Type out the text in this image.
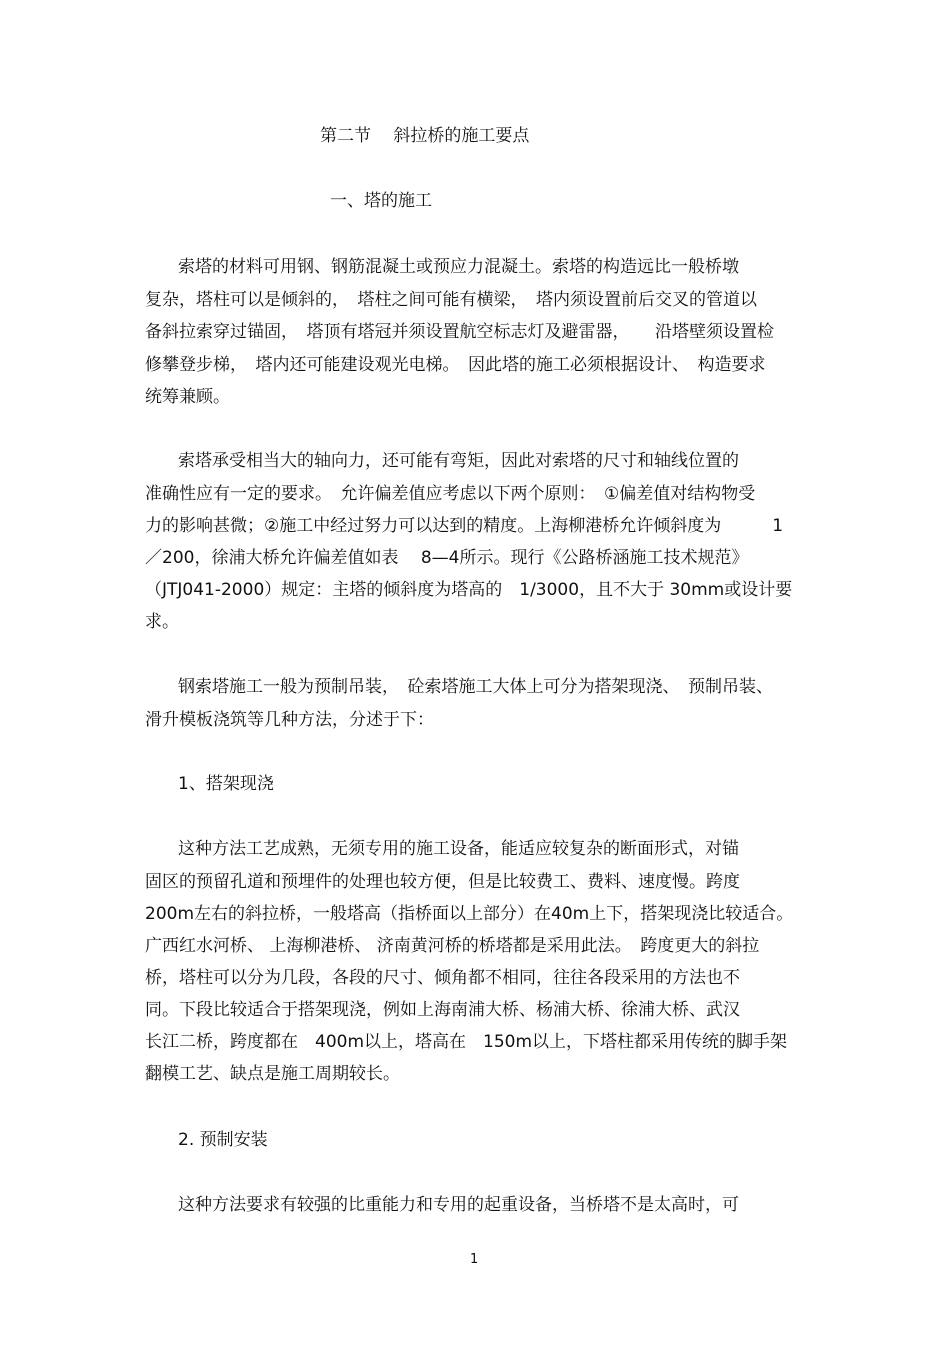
第二节　 斜拉桥的施工要点
一、塔的施工
索塔的材料可用钢、钢筋混凝土或预应力混凝土。索塔的构造远比一般桥墩
复杂，塔柱可以是倾斜的，　塔柱之间可能有横梁，　塔内须设置前后交叉的管道以
备斜拉索穿过锚固，　塔顶有塔冠并须设置航空标志灯及避雷器，　　沿塔壁须设置检
修攀登步梯，　塔内还可能建设观光电梯。　因此塔的施工必须根据设计、　构造要求
统筹兼顾。
索塔承受相当大的轴向力，还可能有弯矩，因此对索塔的尺寸和轴线位置的
准确性应有一定的要求。　允许偏差值应考虑以下两个原则：　①偏差值对结构物受
力的影响甚微；②施工中经过努力可以达到的精度。上海柳港桥允许倾斜度为　　　1
／200，徐浦大桥允许偏差值如表　 8—4所示。现行《公路桥涵施工技术规范》
（JTJ041-2000）规定：主塔的倾斜度为塔高的　1/3000，且不大于 30mm或设计要
求。
钢索塔施工一般为预制吊装，　砼索塔施工大体上可分为搭架现浇、　预制吊装、
滑升模板浇筑等几种方法，分述于下：
1、搭架现浇
这种方法工艺成熟，无须专用的施工设备，能适应较复杂的断面形式，对锚
固区的预留孔道和预埋件的处理也较方便，但是比较费工、费料、速度慢。跨度
200m左右的斜拉桥，一般塔高（指桥面以上部分）在40m上下，搭架现浇比较适合。
广西红水河桥、 上海柳港桥、 济南黄河桥的桥塔都是采用此法。　跨度更大的斜拉
桥，塔柱可以分为几段，各段的尺寸、倾角都不相同，往往各段采用的方法也不
同。下段比较适合于搭架现浇，例如上海南浦大桥、杨浦大桥、徐浦大桥、武汉
长江二桥，跨度都在　400m以上，塔高在　150m以上，下塔柱都采用传统的脚手架
翻模工艺、缺点是施工周期较长。
2. 预制安装
这种方法要求有较强的比重能力和专用的起重设备，当桥塔不是太高时，可
1
